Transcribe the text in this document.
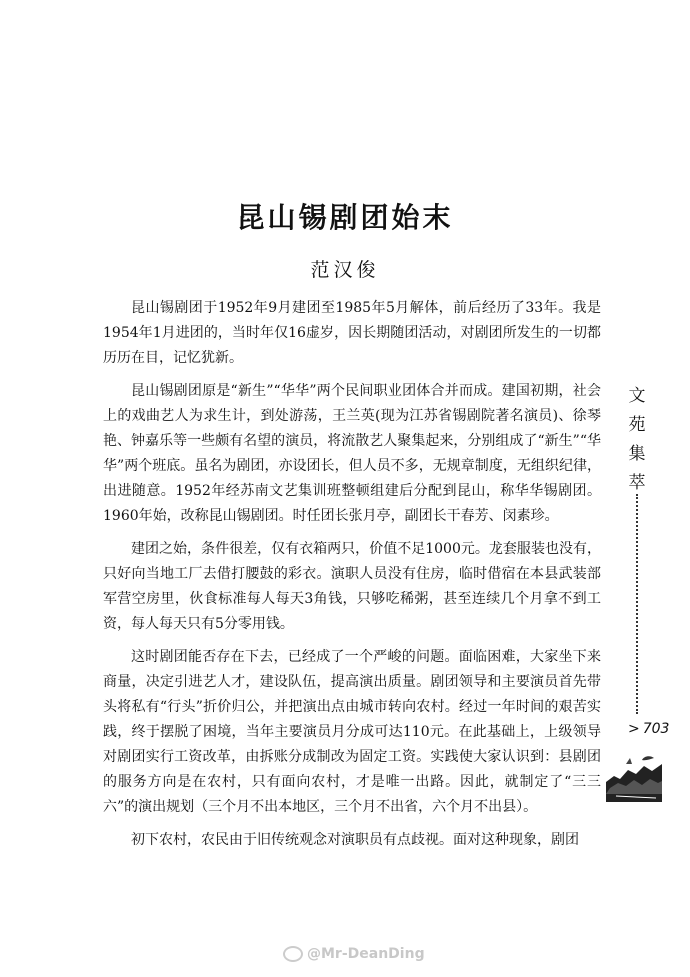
昆山锡剧团始末
范汉俊

昆山锡剧团于1952年9月建团至1985年5月解体，前后经历了33年。我是1954年1月进团的，当时年仅16虚岁，因长期随团活动，对剧团所发生的一切都历历在目，记忆犹新。

昆山锡剧团原是“新生”“华华”两个民间职业团体合并而成。建国初期，社会上的戏曲艺人为求生计，到处游荡，王兰英(现为江苏省锡剧院著名演员)、徐琴艳、钟嘉乐等一些颇有名望的演员，将流散艺人聚集起来，分别组成了“新生”“华华”两个班底。虽名为剧团，亦设团长，但人员不多，无规章制度，无组织纪律，出进随意。1952年经苏南文艺集训班整顿组建后分配到昆山，称华华锡剧团。1960年始，改称昆山锡剧团。时任团长张月亭，副团长干春芳、闵素珍。

建团之始，条件很差，仅有衣箱两只，价值不足1000元。龙套服装也没有，只好向当地工厂去借打腰鼓的彩衣。演职人员没有住房，临时借宿在本县武装部军营空房里，伙食标准每人每天3角钱，只够吃稀粥，甚至连续几个月拿不到工资，每人每天只有5分零用钱。

这时剧团能否存在下去，已经成了一个严峻的问题。面临困难，大家坐下来商量，决定引进艺人才，建设队伍，提高演出质量。剧团领导和主要演员首先带头将私有“行头”折价归公，并把演出点由城市转向农村。经过一年时间的艰苦实践，终于摆脱了困境，当年主要演员月分成可达110元。在此基础上，上级领导对剧团实行工资改革，由拆账分成制改为固定工资。实践使大家认识到：县剧团的服务方向是在农村，只有面向农村，才是唯一出路。因此，就制定了“三三六”的演出规划（三个月不出本地区，三个月不出省，六个月不出县）。

初下农村，农民由于旧传统观念对演职员有点歧视。面对这种现象，剧团

文
苑
集
萃
> 703
@Mr-DeanDing
